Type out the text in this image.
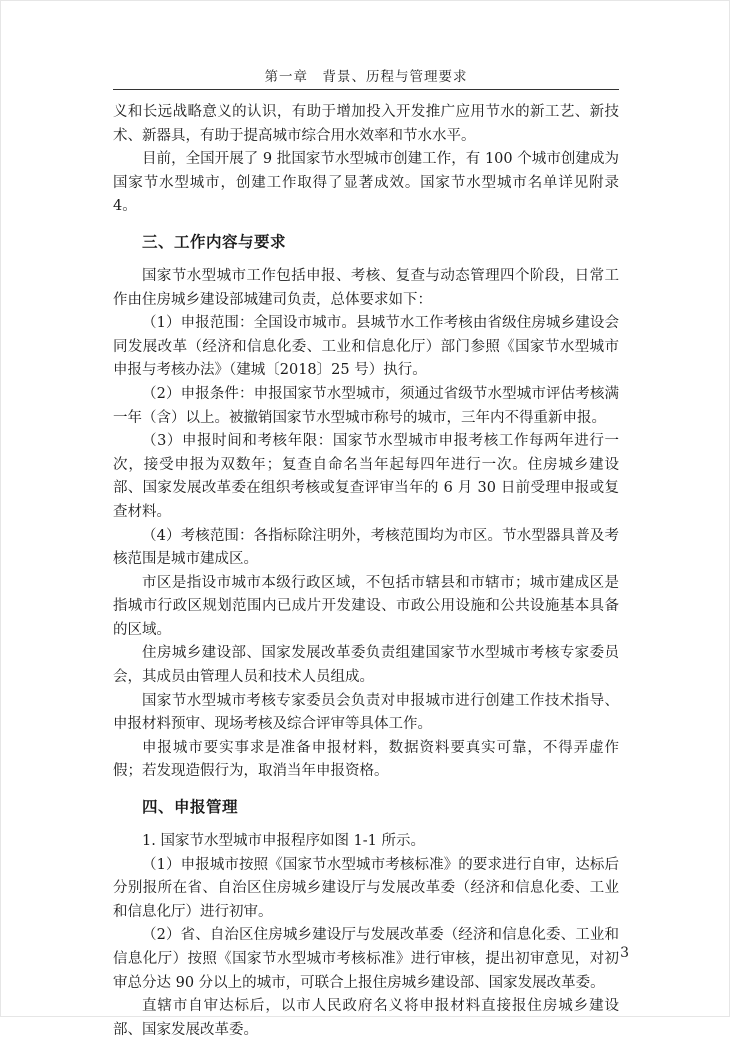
第一章　背景、历程与管理要求

义和长远战略意义的认识，有助于增加投入开发推广应用节水的新工艺、新技术、新器具，有助于提高城市综合用水效率和节水水平。

目前，全国开展了 9 批国家节水型城市创建工作，有 100 个城市创建成为国家节水型城市，创建工作取得了显著成效。国家节水型城市名单详见附录 4。

三、工作内容与要求

国家节水型城市工作包括申报、考核、复查与动态管理四个阶段，日常工作由住房城乡建设部城建司负责，总体要求如下：

（1）申报范围：全国设市城市。县城节水工作考核由省级住房城乡建设会同发展改革（经济和信息化委、工业和信息化厅）部门参照《国家节水型城市申报与考核办法》（建城〔2018〕25 号）执行。

（2）申报条件：申报国家节水型城市，须通过省级节水型城市评估考核满一年（含）以上。被撤销国家节水型城市称号的城市，三年内不得重新申报。

（3）申报时间和考核年限：国家节水型城市申报考核工作每两年进行一次，接受申报为双数年；复查自命名当年起每四年进行一次。住房城乡建设部、国家发展改革委在组织考核或复查评审当年的 6 月 30 日前受理申报或复查材料。

（4）考核范围：各指标除注明外，考核范围均为市区。节水型器具普及考核范围是城市建成区。

市区是指设市城市本级行政区域，不包括市辖县和市辖市；城市建成区是指城市行政区规划范围内已成片开发建设、市政公用设施和公共设施基本具备的区域。

住房城乡建设部、国家发展改革委负责组建国家节水型城市考核专家委员会，其成员由管理人员和技术人员组成。

国家节水型城市考核专家委员会负责对申报城市进行创建工作技术指导、申报材料预审、现场考核及综合评审等具体工作。

申报城市要实事求是准备申报材料，数据资料要真实可靠，不得弄虚作假；若发现造假行为，取消当年申报资格。

四、申报管理

1. 国家节水型城市申报程序如图 1-1 所示。

（1）申报城市按照《国家节水型城市考核标准》的要求进行自审，达标后分别报所在省、自治区住房城乡建设厅与发展改革委（经济和信息化委、工业和信息化厅）进行初审。

（2）省、自治区住房城乡建设厅与发展改革委（经济和信息化委、工业和信息化厅）按照《国家节水型城市考核标准》进行审核，提出初审意见，对初审总分达 90 分以上的城市，可联合上报住房城乡建设部、国家发展改革委。

直辖市自审达标后，以市人民政府名义将申报材料直接报住房城乡建设部、国家发展改革委。

3
